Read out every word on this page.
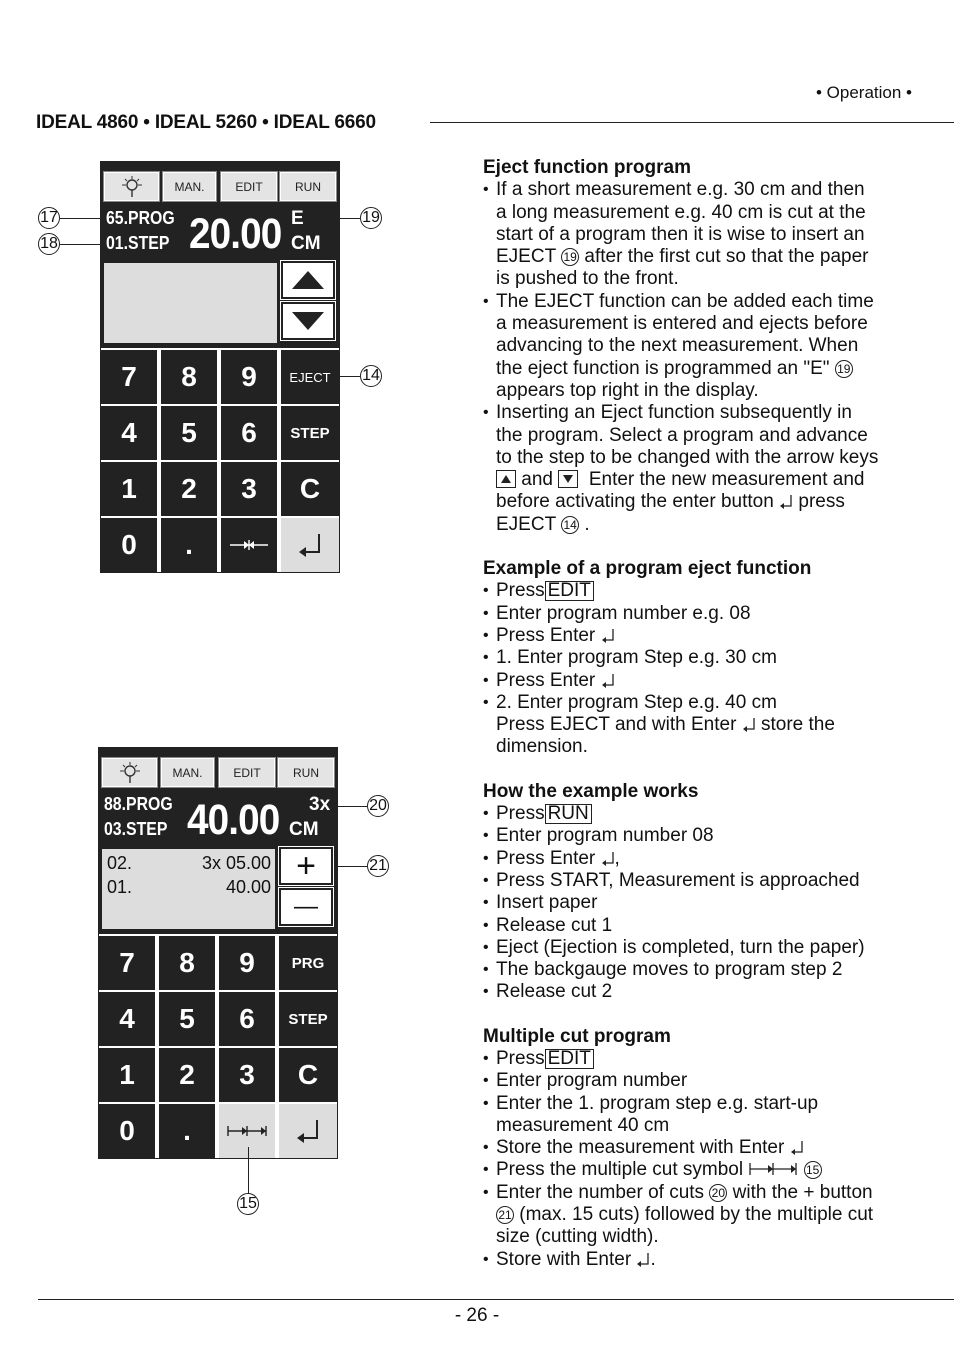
• Operation •
IDEAL 4860 • IDEAL 5260 • IDEAL 6660
MAN.	EDIT	RUN
65.PROG
01.STEP 20.00 E
CM
7	8	9	EJECT
4	5	6	STEP
1	2	3	C
0	.
17
18
19
14
MAN.	EDIT	RUN
88.PROG
03.STEP 40.00 3x
CM
02.	3x 05.00
01.	40.00
+
—
7	8	9	PRG
4	5	6	STEP
1	2	3	C
0	.
20
21
15
Eject function program
• If a short measurement e.g. 30 cm and then
a long measurement e.g. 40 cm is cut at the
start of a program then it is wise to insert an
EJECT 19 after the first cut so that the paper
is pushed to the front.
• The EJECT function can be added each time
a measurement is entered and ejects before
advancing to the next measurement. When
the eject function is programmed an "E" 19
appears top right in the display.
• Inserting an Eject function subsequently in
the program. Select a program and advance
to the step to be changed with the arrow keys
and Enter the new measurement and
before activating the enter button press
EJECT 14 .
Example of a program eject function
• Press EDIT
• Enter program number e.g. 08
• Press Enter
• 1. Enter program Step e.g. 30 cm
• Press Enter
• 2. Enter program Step e.g. 40 cm
Press EJECT and with Enter store the
dimension.
How the example works
• Press RUN
• Enter program number 08
• Press Enter ,
• Press START, Measurement is approached
• Insert paper
• Release cut 1
• Eject (Ejection is completed, turn the paper)
• The backgauge moves to program step 2
• Release cut 2
Multiple cut program
• Press EDIT
• Enter program number
• Enter the 1. program step e.g. start-up
measurement 40 cm
• Store the measurement with Enter
• Press the multiple cut symbol	15
• Enter the number of cuts 20 with the + button
21 (max. 15 cuts) followed by the multiple cut
size (cutting width).
• Store with Enter .
- 26 -
